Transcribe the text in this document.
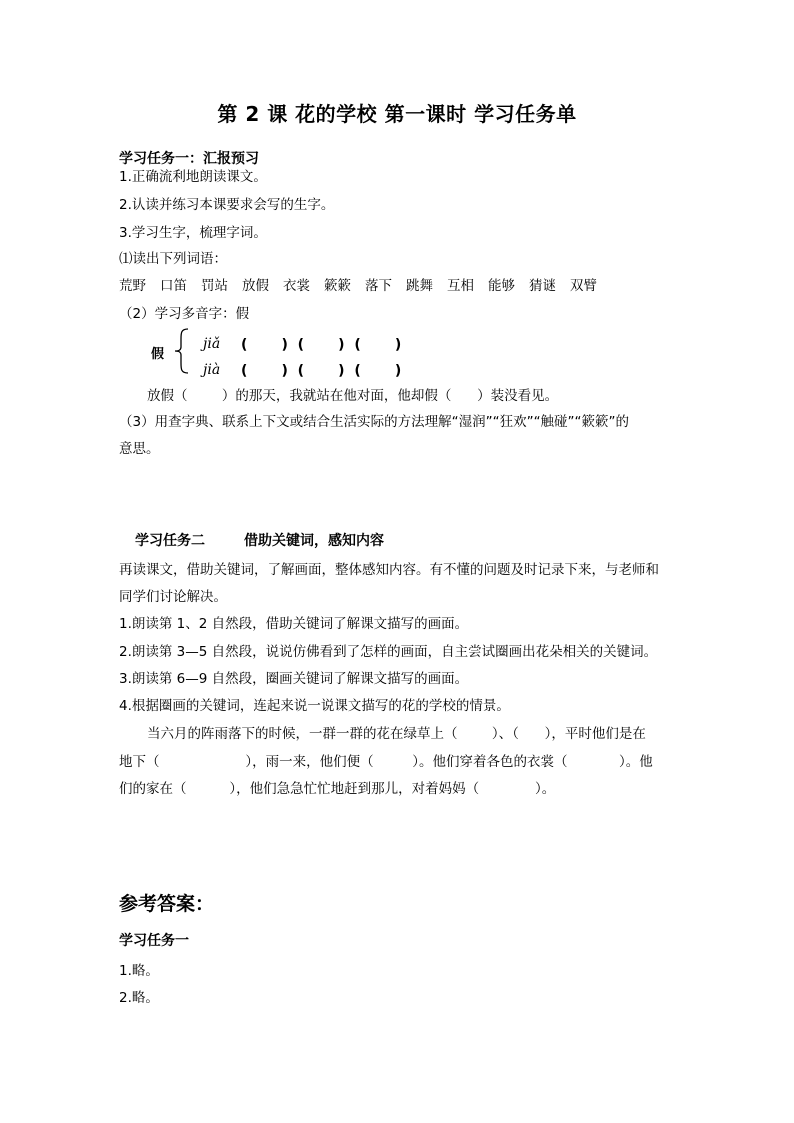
第 2 课 花的学校 第一课时 学习任务单
学习任务一：汇报预习
1.正确流利地朗读课文。
2.认读并练习本课要求会写的生字。
3.学习生字，梳理字词。
⑴读出下列词语：
荒野 口笛 罚站 放假 衣裳 簌簌 落下 跳舞 互相 能够 猜谜 双臂
（2）学习多音字：假
假
jiǎ (       )  (       )  (       )
jià (       )  (       )  (       )
放假（        ）的那天，我就站在他对面，他却假（      ）装没看见。
（3）用查字典、联系上下文或结合生活实际的方法理解“湿润”“狂欢”“触碰”“簌簌”的
意思。
学习任务二        借助关键词，感知内容
再读课文，借助关键词，了解画面，整体感知内容。有不懂的问题及时记录下来，与老师和
同学们讨论解决。
1.朗读第 1、2 自然段，借助关键词了解课文描写的画面。
2.朗读第 3—5 自然段，说说仿佛看到了怎样的画面，自主尝试圈画出花朵相关的关键词。
3.朗读第 6—9 自然段，圈画关键词了解课文描写的画面。
4.根据圈画的关键词，连起来说一说课文描写的花的学校的情景。
当六月的阵雨落下的时候，一群一群的花在绿草上（        ）、（      ），平时他们是在
地下（                    ），雨一来，他们便（         ）。他们穿着各色的衣裳（            ）。他
们的家在（          ），他们急急忙忙地赶到那儿，对着妈妈（             ）。
参考答案：
学习任务一
1.略。
2.略。
